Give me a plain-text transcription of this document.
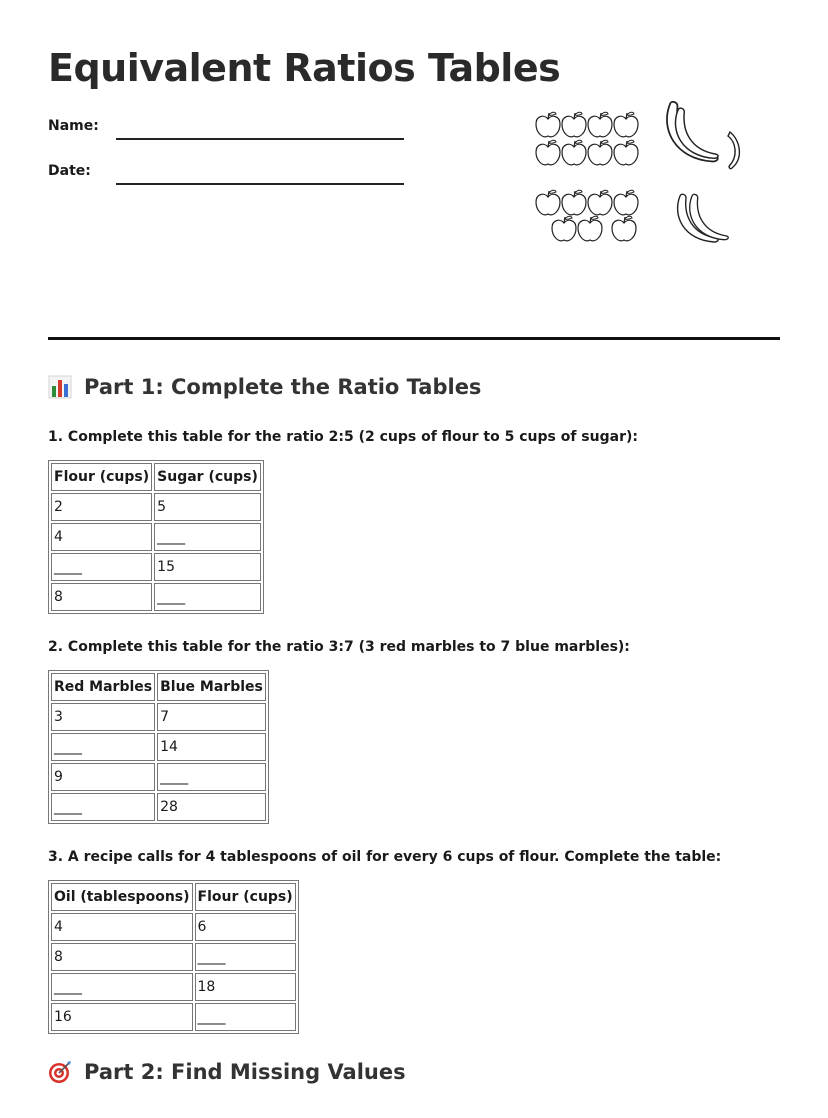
Equivalent Ratios Tables
Name:
Date:
Part 1: Complete the Ratio Tables

1. Complete this table for the ratio 2:5 (2 cups of flour to 5 cups of sugar):

Flour (cups)	Sugar (cups)
2	5
4	____
____	15
8	____

2. Complete this table for the ratio 3:7 (3 red marbles to 7 blue marbles):

Red Marbles	Blue Marbles
3	7
____	14
9	____
____	28

3. A recipe calls for 4 tablespoons of oil for every 6 cups of flour. Complete the table:

Oil (tablespoons)	Flour (cups)
4	6
8	____
____	18
16	____
Part 2: Find Missing Values
